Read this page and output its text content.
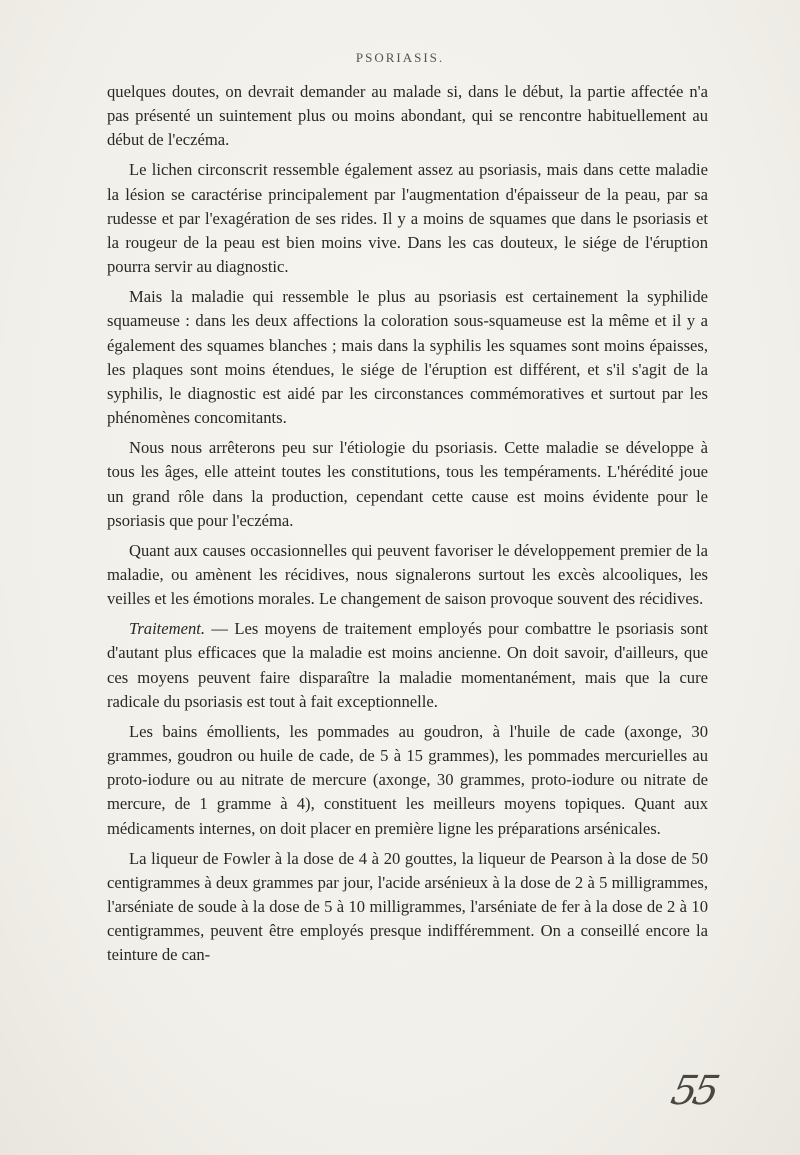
PSORIASIS.

quelques doutes, on devrait demander au malade si, dans le début, la partie affectée n'a pas présenté un suintement plus ou moins abondant, qui se rencontre habituellement au début de l'eczéma.

Le lichen circonscrit ressemble également assez au psoriasis, mais dans cette maladie la lésion se caractérise principalement par l'augmentation d'épaisseur de la peau, par sa rudesse et par l'exagération de ses rides. Il y a moins de squames que dans le psoriasis et la rougeur de la peau est bien moins vive. Dans les cas douteux, le siége de l'éruption pourra servir au diagnostic.

Mais la maladie qui ressemble le plus au psoriasis est certainement la syphilide squameuse : dans les deux affections la coloration sous-squameuse est la même et il y a également des squames blanches ; mais dans la syphilis les squames sont moins épaisses, les plaques sont moins étendues, le siége de l'éruption est différent, et s'il s'agit de la syphilis, le diagnostic est aidé par les circonstances commémoratives et surtout par les phénomènes concomitants.

Nous nous arrêterons peu sur l'étiologie du psoriasis. Cette maladie se développe à tous les âges, elle atteint toutes les constitutions, tous les tempéraments. L'hérédité joue un grand rôle dans la production, cependant cette cause est moins évidente pour le psoriasis que pour l'eczéma.

Quant aux causes occasionnelles qui peuvent favoriser le développement premier de la maladie, ou amènent les récidives, nous signalerons surtout les excès alcooliques, les veilles et les émotions morales. Le changement de saison provoque souvent des récidives.

Traitement. — Les moyens de traitement employés pour combattre le psoriasis sont d'autant plus efficaces que la maladie est moins ancienne. On doit savoir, d'ailleurs, que ces moyens peuvent faire disparaître la maladie momentanément, mais que la cure radicale du psoriasis est tout à fait exceptionnelle.

Les bains émollients, les pommades au goudron, à l'huile de cade (axonge, 30 grammes, goudron ou huile de cade, de 5 à 15 grammes), les pommades mercurielles au proto-iodure ou au nitrate de mercure (axonge, 30 grammes, proto-iodure ou nitrate de mercure, de 1 gramme à 4), constituent les meilleurs moyens topiques. Quant aux médicaments internes, on doit placer en première ligne les préparations arsénicales.

La liqueur de Fowler à la dose de 4 à 20 gouttes, la liqueur de Pearson à la dose de 50 centigrammes à deux grammes par jour, l'acide arsénieux à la dose de 2 à 5 milligrammes, l'arséniate de soude à la dose de 5 à 10 milligrammes, l'arséniate de fer à la dose de 2 à 10 centigrammes, peuvent être employés presque indifféremment. On a conseillé encore la teinture de can-

55
